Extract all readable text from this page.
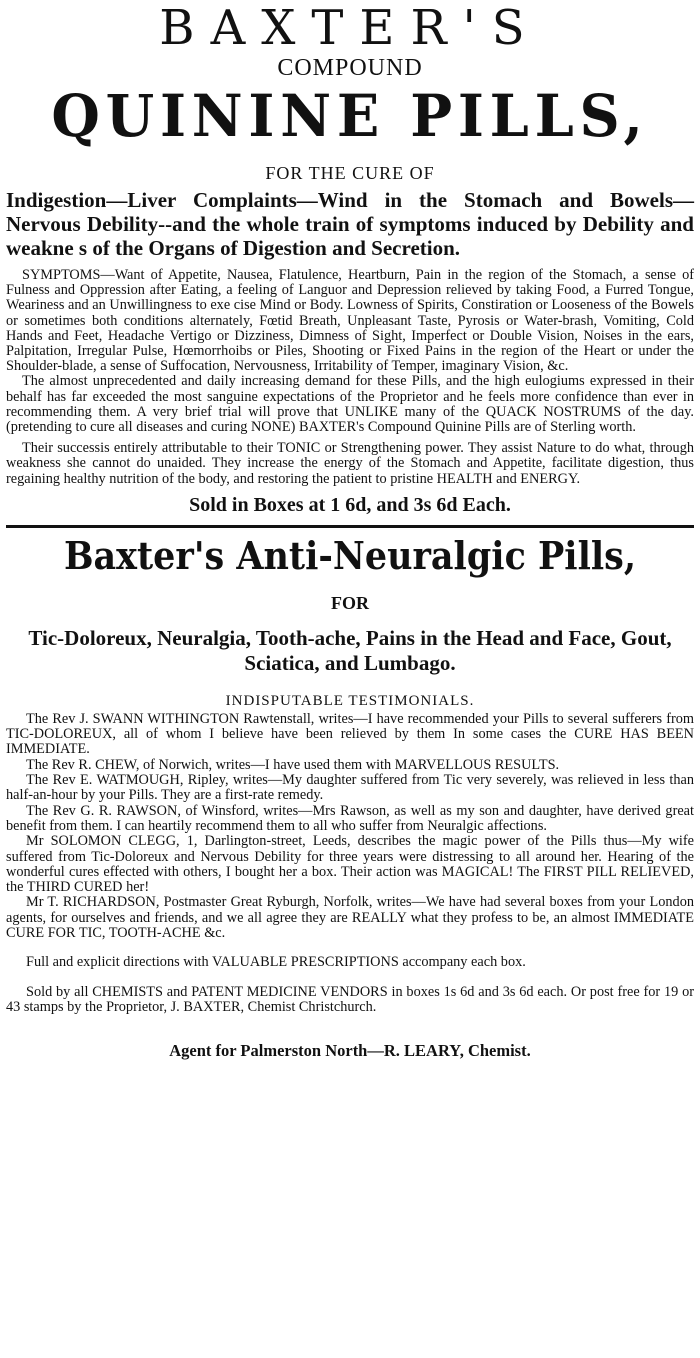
BAXTER'S
COMPOUND
QUININE PILLS,
FOR THE CURE OF

Indigestion—Liver Complaints—Wind in the Stomach and Bowels—Nervous Debility--and the whole train of symptoms induced by Debility and weakne s of the Organs of Digestion and Secretion.

SYMPTOMS—Want of Appetite, Nausea, Flatulence, Heartburn, Pain in the region of the Stomach, a sense of Fulness and Oppression after Eating, a feeling of Languor and Depression relieved by taking Food, a Furred Tongue, Weariness and an Unwillingness to exe cise Mind or Body. Lowness of Spirits, Constiration or Looseness of the Bowels or sometimes both conditions alternately, Fœtid Breath, Unpleasant Taste, Pyrosis or Water-brash, Vomiting, Cold Hands and Feet, Headache Vertigo or Dizziness, Dimness of Sight, Imperfect or Double Vision, Noises in the ears, Palpitation, Irregular Pulse, Hœmorrhoibs or Piles, Shooting or Fixed Pains in the region of the Heart or under the Shoulder-blade, a sense of Suffocation, Nervousness, Irritability of Temper, imaginary Vision, &c.

The almost unprecedented and daily increasing demand for these Pills, and the high eulogiums expressed in their behalf has far exceeded the most sanguine expectations of the Proprietor and he feels more confidence than ever in recommending them. A very brief trial will prove that UNLIKE many of the QUACK NOSTRUMS of the day. (pretending to cure all diseases and curing NONE) BAXTER's Compound Quinine Pills are of Sterling worth.

Their successis entirely attributable to their TONIC or Strengthening power. They assist Nature to do what, through weakness she cannot do unaided. They increase the energy of the Stomach and Appetite, facilitate digestion, thus regaining healthy nutrition of the body, and restoring the patient to pristine HEALTH and ENERGY.

Sold in Boxes at 1 6d, and 3s 6d Each.
Baxter's Anti-Neuralgic Pills,
FOR

Tic-Doloreux, Neuralgia, Tooth-ache, Pains in the Head and Face, Gout, Sciatica, and Lumbago.

INDISPUTABLE TESTIMONIALS.

The Rev J. SWANN WITHINGTON Rawtenstall, writes—I have recommended your Pills to several sufferers from TIC-DOLOREUX, all of whom I believe have been relieved by them In some cases the CURE HAS BEEN IMMEDIATE.

The Rev R. CHEW, of Norwich, writes—I have used them with MARVELLOUS RESULTS.

The Rev E. WATMOUGH, Ripley, writes—My daughter suffered from Tic very severely, was relieved in less than half-an-hour by your Pills. They are a first-rate remedy.

The Rev G. R. RAWSON, of Winsford, writes—Mrs Rawson, as well as my son and daughter, have derived great benefit from them. I can heartily recommend them to all who suffer from Neuralgic affections.

Mr SOLOMON CLEGG, 1, Darlington-street, Leeds, describes the magic power of the Pills thus—My wife suffered from Tic-Doloreux and Nervous Debility for three years were distressing to all around her. Hearing of the wonderful cures effected with others, I bought her a box. Their action was MAGICAL! The FIRST PILL RELIEVED, the THIRD CURED her!

Mr T. RICHARDSON, Postmaster Great Ryburgh, Norfolk, writes—We have had several boxes from your London agents, for ourselves and friends, and we all agree they are REALLY what they profess to be, an almost IMMEDIATE CURE FOR TIC, TOOTH-ACHE &c.

Full and explicit directions with VALUABLE PRESCRIPTIONS accompany each box.

Sold by all CHEMISTS and PATENT MEDICINE VENDORS in boxes 1s 6d and 3s 6d each. Or post free for 19 or 43 stamps by the Proprietor, J. BAXTER, Chemist Christchurch.

Agent for Palmerston North—R. LEARY, Chemist.
